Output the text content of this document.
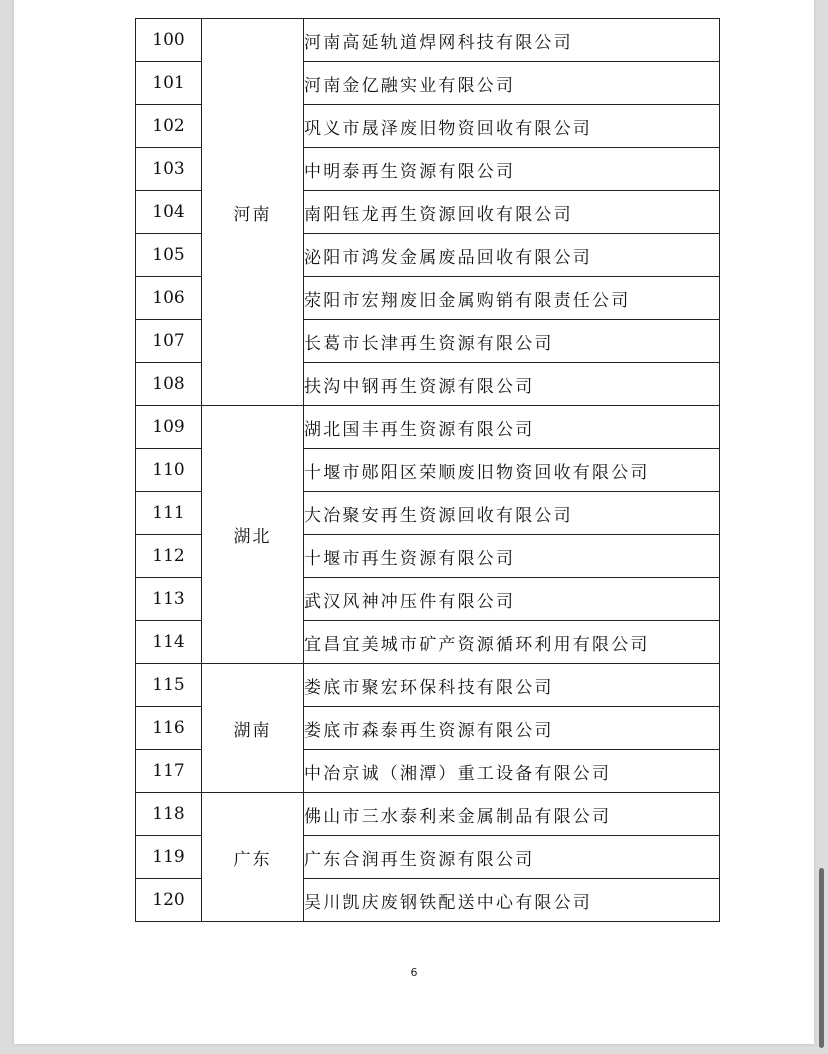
100	河南	河南高延轨道焊网科技有限公司
101		河南金亿融实业有限公司
102		巩义市晟泽废旧物资回收有限公司
103		中明泰再生资源有限公司
104		南阳钰龙再生资源回收有限公司
105		泌阳市鸿发金属废品回收有限公司
106		荥阳市宏翔废旧金属购销有限责任公司
107		长葛市长津再生资源有限公司
108		扶沟中钢再生资源有限公司
109	湖北	湖北国丰再生资源有限公司
110		十堰市郧阳区荣顺废旧物资回收有限公司
111		大冶聚安再生资源回收有限公司
112		十堰市再生资源有限公司
113		武汉风神冲压件有限公司
114		宜昌宜美城市矿产资源循环利用有限公司
115	湖南	娄底市聚宏环保科技有限公司
116		娄底市森泰再生资源有限公司
117		中冶京诚（湘潭）重工设备有限公司
118	广东	佛山市三水泰利来金属制品有限公司
119		广东合润再生资源有限公司
120		吴川凯庆废钢铁配送中心有限公司
6
